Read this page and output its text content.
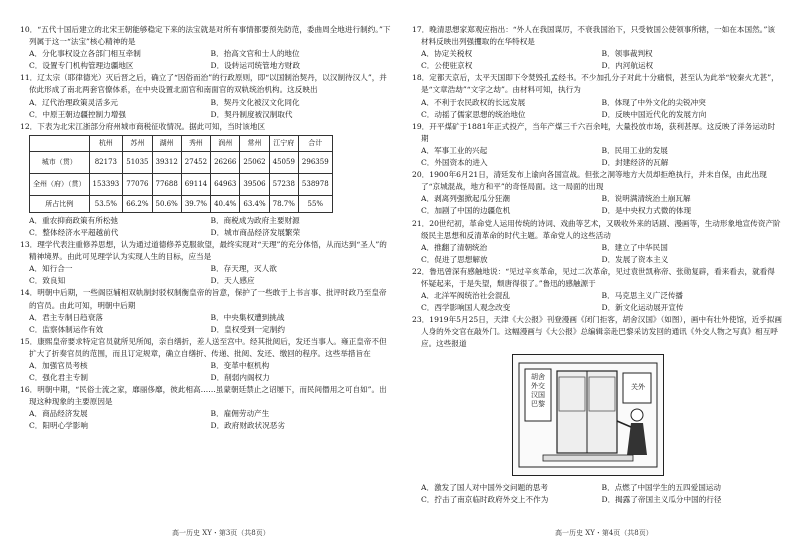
10．“五代十国后建立的北宋王朝能够稳定下来的法宝就是对所有事情都要预先防范，委曲周全地进行制约。”下列属于这一“法宝”核心精神的是
A．分化事权设立各部门相互牵制	B．抬高文官和士人的地位
C．设置专门机构管理边疆地区	D．设转运司统管地方财政
11．辽太宗（耶律德光）灭后晋之后，确立了“因俗而治”的行政原则，即“以国制治契丹，以汉制待汉人”，并依此形成了南北两套官僚体系，在中央设置北面官和南面官的双轨统治机构。这反映出
A．辽代治理政策灵活多元	B．契丹文化被汉文化同化
C．中原王朝边疆控制力增强	D．契丹制度被汉制取代
12．下表为北宋江浙部分府州城市商税征收情况。据此可知，当时该地区
	杭州	苏州	湖州	秀州	润州	常州	江宁府	合计
城市（贯）	82173	51035	39312	27452	26266	25062	45059	296359
全州（府）（贯）	153393	77076	77688	69114	64963	39506	57238	538978
所占比例	53.5%	66.2%	50.6%	39.7%	40.4%	63.4%	78.7%	55%
A．重农抑商政策有所松弛	B．商税成为政府主要财源
C．整体经济水平超越前代	D．城市商品经济发展繁荣
13．理学代表注重修养思想，认为通过道德修养克服欲望，最终实现对“天理”的充分体悟，从而达到“圣人”的精神境界。由此可见理学认为实现人生的目标，应当是
A．知行合一	B．存天理，灭人欲
C．致良知	D．天人感应
14．明朝中后期，一些阁臣辅相双轨制封驳权制衡皇帝的旨意，保护了一些敢于上书言事、批评时政乃至皇帝的官员。由此可知，明朝中后期
A．君主专制日趋衰落	B．中央集权遭到挑战
C．监察体制运作有效	D．皇权受到一定制约
15．康熙皇帝要求特定官员就所见所闻，亲自缮折，差人送至宫中。经其批阅后，发还当事人。雍正皇帝不但扩大了折奏官员的范围，而且订定规章，确立自缮折、传递、批阅、发还、缴回的程序。这些举措旨在
A．加强官员考核	B．变革中枢机构
C．强化君主专制	D．削弱内阁权力
16．明朝中期，“民俗士流之家，靡丽侈靡，彼此相高……虽蒙朝廷禁止之诏屡下，而民间僭用之可自如”。出现这种现象的主要原因是
A．商品经济发展	B．雇佣劳动产生
C．阳明心学影响	D．政府财政状况恶劣
17．晚清思想家郑观应指出：“外人在我国谋厉，不衰我国治下，只受彼国公使领事所辖，一如在本国然。”该材料反映出列强攫取的在华特权是
A．协定关税权	B．领事裁判权
C．公使驻京权	D．内河航运权
18．定都天京后，太平天国即下令焚毁孔孟经书。不少加孔分子对此十分痛恨，甚至认为此举“较秦火尤甚”，是“文章浩劫”“文字之劫”。由材料可知，执行为
A．不利于农民政权的长远发展	B．体现了中外文化的尖锐冲突
C．动摇了儒家思想的统治地位	D．反映中国近代化的发展方向
19．开平煤矿于1881年正式投产，当年产煤三千六百余吨，大量投放市场，获利甚厚。这反映了洋务运动时期
A．军事工业的兴起	B．民用工业的发展
C．外国资本的进入	D．封建经济的瓦解
20．1900年6月21日，清廷发布上谕向各国宣战。但张之洞等地方大员却拒绝执行，并未自保，由此出现了“京城混战，地方和平”的奇怪局面。这一局面的出现
A．剥离列强掀起瓜分狂潮	B．说明满清统治土崩瓦解
C．加剧了中国的边疆危机	D．是中央权力式微的体现
21．20世纪初，革命党人运用传统的诗词、戏曲等艺术，又吸收外来的话剧、漫画等，生动形象地宣传资产阶级民主思想和反清革命的时代主题。革命党人的这些活动
A．推翻了清朝统治	B．建立了中华民国
C．促进了思想解放	D．发展了资本主义
22．鲁迅曾深有感触地说：“见过辛亥革命，见过二次革命，见过袁世凯称帝、张勋复辟，看来看去，就看得怀疑起来，于是失望，颓唐得很了。”鲁迅的感触源于
A．北洋军阀统治社会混乱	B．马克思主义广泛传播
C．西学影响国人观念改变	D．新文化运动展开宣传
23．1919年5月25日，天津《大公报》刊登漫画《闭门拒客，胡舍汉国》（如图），画中有壮外使馆，近乎拟画人身的外交官在敲外门。这幅漫画与《大公报》总编辑亲赴巴黎采访发回的通讯《外交人物之写真》相互呼应。这些报道
胡舍
外交
汉国
巴黎
关外
A．激发了国人对中国外交问题的思考	B．点燃了中国学生的五四爱国运动
C．拧击了南京临时政府外交上不作为	D．揭露了帝国主义瓜分中国的行径
高一历史 XY・第3页（共8页）	高一历史 XY・第4页（共8页）
